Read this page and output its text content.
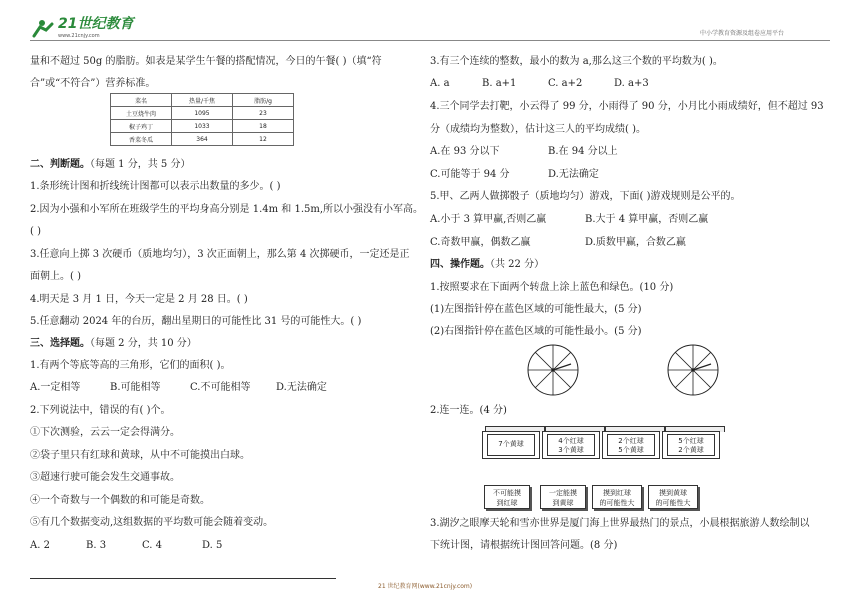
21世纪教育
www.21cnjy.com	中小学教育资源及组卷应用平台
量和不超过 50g 的脂肪。如表是某学生午餐的搭配情况，今日的午餐( )（填“符
合”或“不符合”）营养标准。
菜名	热量/千焦	脂肪/g
土豆烧牛肉	1095	23
椒子鸡丁	1033	18
香菜冬瓜	364	12
二、判断题。（每题 1 分，共 5 分）
1.条形统计图和折线统计图都可以表示出数量的多少。( )
2.因为小强和小军所在班级学生的平均身高分别是 1.4m 和 1.5m,所以小强没有小军高。
( )
3.任意向上掷 3 次硬币（质地均匀），3 次正面朝上，那么第 4 次掷硬币，一定还是正
面朝上。( )
4.明天是 3 月 1 日，今天一定是 2 月 28 日。( )
5.任意翻动 2024 年的台历，翻出星期日的可能性比 31 号的可能性大。( )
三、选择题。（每题 2 分，共 10 分）
1.有两个等底等高的三角形，它们的面积( )。
A.一定相等	B.可能相等	C.不可能相等	D.无法确定
2.下列说法中，错误的有( )个。
①下次测验，云云一定会得满分。
②袋子里只有红球和黄球，从中不可能摸出白球。
③超速行驶可能会发生交通事故。
④一个奇数与一个偶数的和可能是奇数。
⑤有几个数据变动,这组数据的平均数可能会随着变动。
A. 2	B. 3	C. 4	D. 5
3.有三个连续的整数，最小的数为 a,那么这三个数的平均数为( )。
A. a	B. a+1	C. a+2	D. a+3
4.三个同学去打靶，小云得了 99 分，小雨得了 90 分，小月比小雨成绩好，但不超过 93
分（成绩均为整数），估计这三人的平均成绩( )。
A.在 93 分以下	B.在 94 分以上
C.可能等于 94 分	D.无法确定
5.甲、乙两人做掷骰子（质地均匀）游戏，下面( )游戏规则是公平的。
A.小于 3 算甲赢,否则乙赢	B.大于 4 算甲赢，否则乙赢
C.奇数甲赢，偶数乙赢	D.质数甲赢，合数乙赢
四、操作题。（共 22 分）
1.按照要求在下面两个转盘上涂上蓝色和绿色。(10 分)
(1)左图指针停在蓝色区域的可能性最大，(5 分)
(2)右图指针停在蓝色区域的可能性最小。(5 分)
2.连一连。(4 分)
7个黄球	4个红球
3个黄球
2个红球
5个黄球
5个红球
2个黄球
不可能摸
到红球
一定能摸
到黄球
摸到红球
的可能性大
摸到黄球
的可能性大
3.湖汐之眼摩天轮和雪亦世界是厦门海上世界最热门的景点，小晨根据旅游人数绘制以
下统计图，请根据统计图回答问题。(8 分)
21 世纪教育网(www.21cnjy.com)
